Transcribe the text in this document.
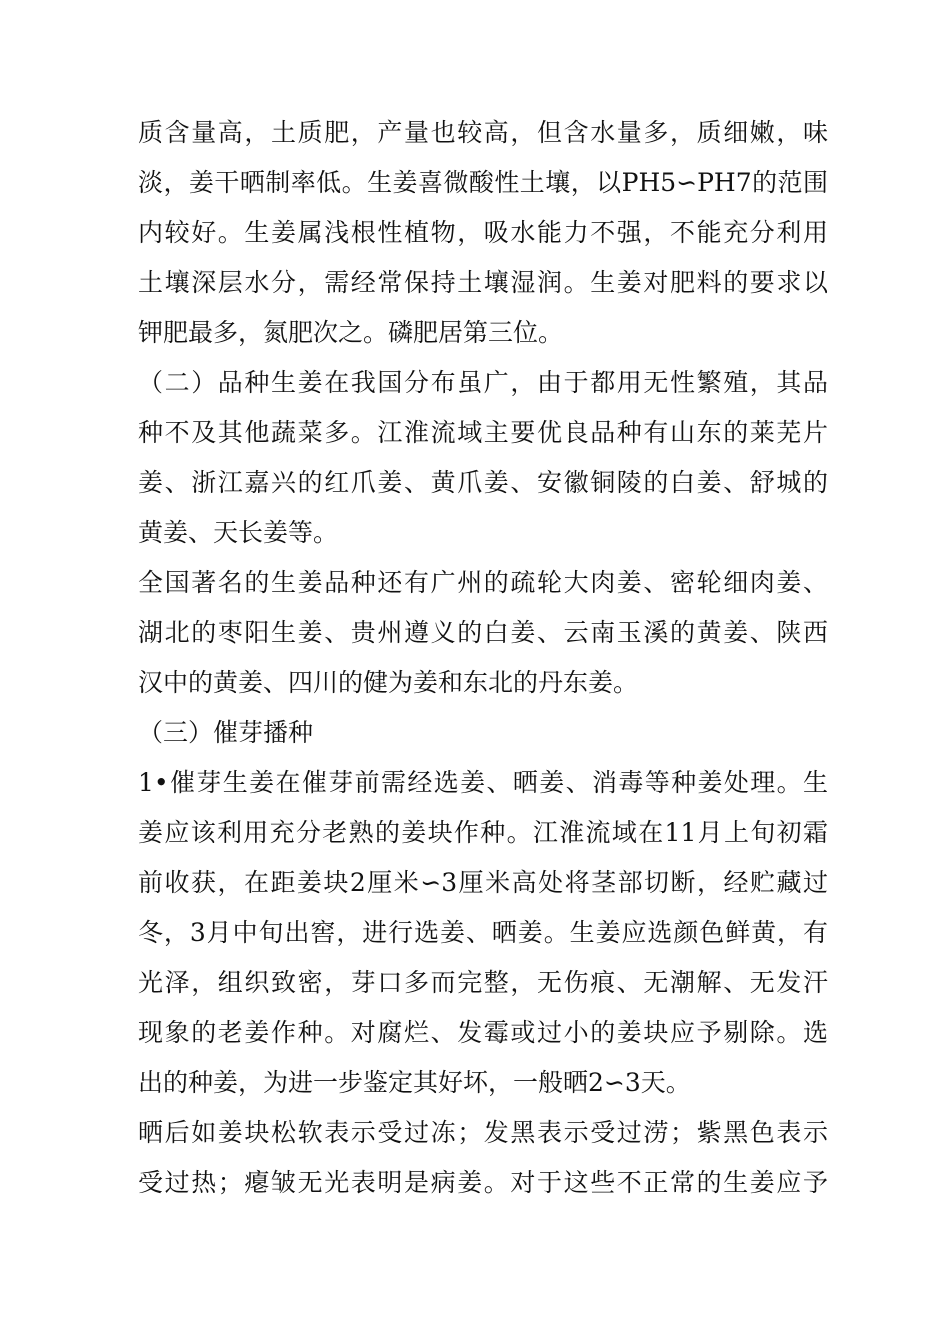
质含量高，土质肥，产量也较高，但含水量多，质细嫩，味
淡，姜干晒制率低。生姜喜微酸性土壤，以PH5∽PH7的范围
内较好。生姜属浅根性植物，吸水能力不强，不能充分利用
土壤深层水分，需经常保持土壤湿润。生姜对肥料的要求以
钾肥最多，氮肥次之。磷肥居第三位。
（二）品种生姜在我国分布虽广，由于都用无性繁殖，其品
种不及其他蔬菜多。江淮流域主要优良品种有山东的莱芜片
姜、浙江嘉兴的红爪姜、黄爪姜、安徽铜陵的白姜、舒城的
黄姜、天长姜等。
全国著名的生姜品种还有广州的疏轮大肉姜、密轮细肉姜、
湖北的枣阳生姜、贵州遵义的白姜、云南玉溪的黄姜、陕西
汉中的黄姜、四川的健为姜和东北的丹东姜。
（三）催芽播种
1•催芽生姜在催芽前需经选姜、晒姜、消毒等种姜处理。生
姜应该利用充分老熟的姜块作种。江淮流域在11月上旬初霜
前收获，在距姜块2厘米∽3厘米高处将茎部切断，经贮藏过
冬，3月中旬出窖，进行选姜、晒姜。生姜应选颜色鲜黄，有
光泽，组织致密，芽口多而完整，无伤痕、无潮解、无发汗
现象的老姜作种。对腐烂、发霉或过小的姜块应予剔除。选
出的种姜，为进一步鉴定其好坏，一般晒2∽3天。
晒后如姜块松软表示受过冻；发黑表示受过涝；紫黑色表示
受过热；瘪皱无光表明是病姜。对于这些不正常的生姜应予
